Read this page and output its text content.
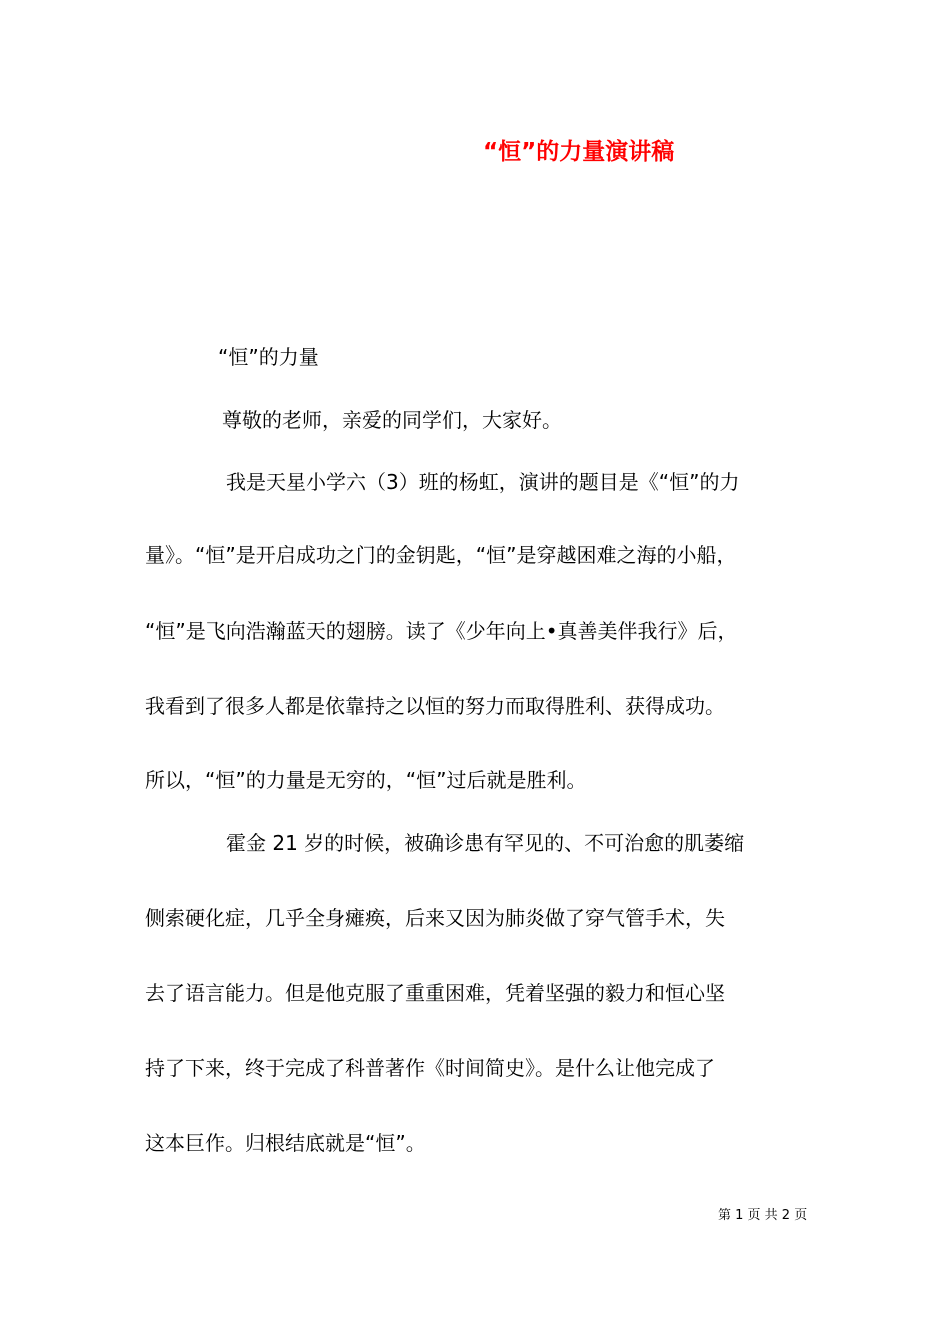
“恒”的力量演讲稿
“恒”的力量
尊敬的老师，亲爱的同学们，大家好。
我是天星小学六（3）班的杨虹，演讲的题目是《“恒”的力
量》。“恒”是开启成功之门的金钥匙，“恒”是穿越困难之海的小船，
“恒”是飞向浩瀚蓝天的翅膀。读了《少年向上•真善美伴我行》后，
我看到了很多人都是依靠持之以恒的努力而取得胜利、获得成功。
所以，“恒”的力量是无穷的，“恒”过后就是胜利。
霍金 21 岁的时候，被确诊患有罕见的、不可治愈的肌萎缩
侧索硬化症，几乎全身瘫痪，后来又因为肺炎做了穿气管手术，失
去了语言能力。但是他克服了重重困难，凭着坚强的毅力和恒心坚
持了下来，终于完成了科普著作《时间简史》。是什么让他完成了
这本巨作。归根结底就是“恒”。
第 1 页 共 2 页
